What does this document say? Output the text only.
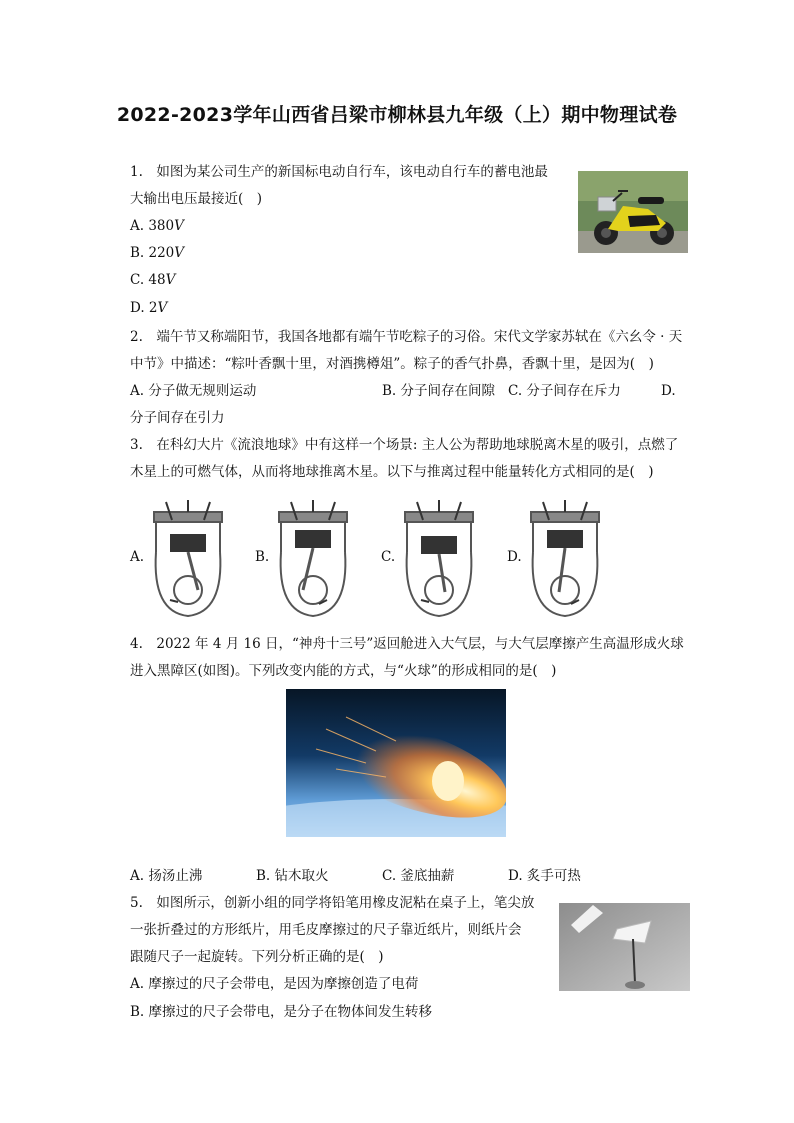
2022-2023学年山西省吕梁市柳林县九年级（上）期中物理试卷
1.　如图为某公司生产的新国标电动自行车，该电动自行车的蓄电池最
大输出电压最接近(　)
A. 380𝑉
B. 220𝑉
C. 48𝑉
D. 2𝑉
2.　端午节又称端阳节，我国各地都有端午节吃粽子的习俗。宋代文学家苏轼在《六幺令 · 天
中节》中描述：“粽叶香飘十里，对酒携樽俎”。粽子的香气扑鼻，香飘十里，是因为(　)
A. 分子做无规则运动	B. 分子间存在间隙 C. 分子间存在斥力	D.
分子间存在引力
3.　在科幻大片《流浪地球》中有这样一个场景: 主人公为帮助地球脱离木星的吸引，点燃了
木星上的可燃气体，从而将地球推离木星。以下与推离过程中能量转化方式相同的是(　)
A.	B.	C.	D.
4.　2022 年 4 月 16 日，“神舟十三号”返回舱进入大气层，与大气层摩擦产生高温形成火球
进入黑障区(如图)。下列改变内能的方式，与“火球”的形成相同的是(　)
A. 扬汤止沸	B. 钻木取火	C. 釜底抽薪	D. 炙手可热
5.　如图所示，创新小组的同学将铅笔用橡皮泥粘在桌子上，笔尖放
一张折叠过的方形纸片，用毛皮摩擦过的尺子靠近纸片，则纸片会
跟随尺子一起旋转。下列分析正确的是(　)
A. 摩擦过的尺子会带电，是因为摩擦创造了电荷
B. 摩擦过的尺子会带电，是分子在物体间发生转移
